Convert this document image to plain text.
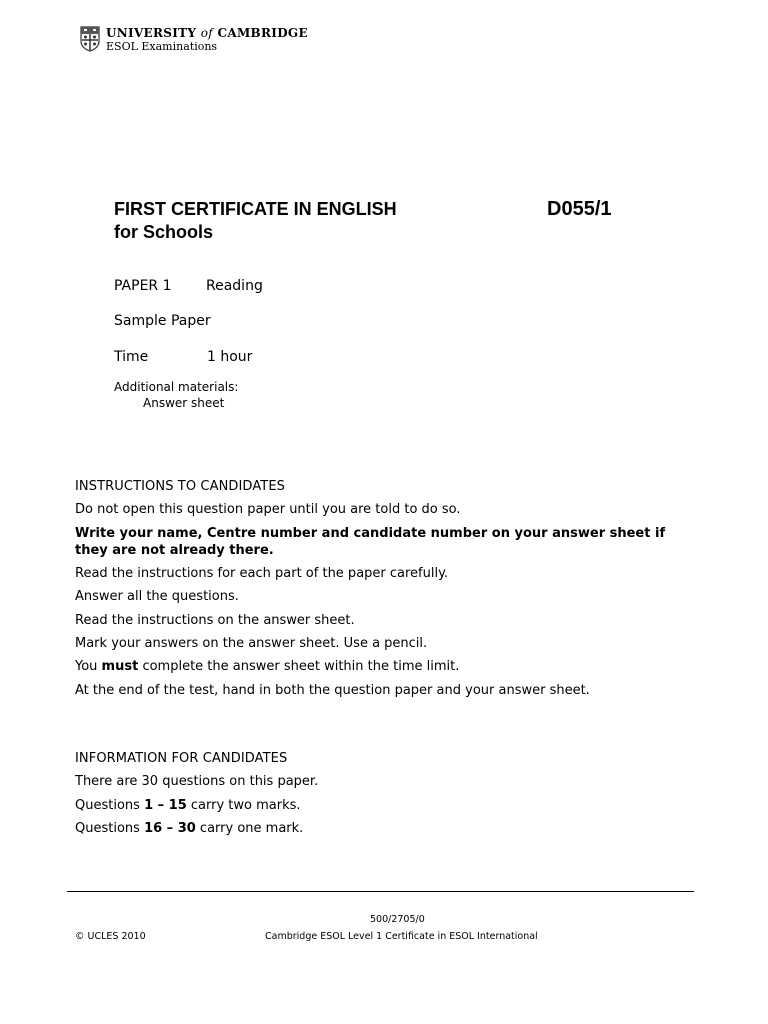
UNIVERSITY of CAMBRIDGE
ESOL Examinations
FIRST CERTIFICATE IN ENGLISH
for Schools
D055/1
PAPER 1 Reading
Sample Paper
Time	1 hour
Additional materials:
Answer sheet
INSTRUCTIONS TO CANDIDATES
Do not open this question paper until you are told to do so.
Write your name, Centre number and candidate number on your answer sheet if they are not already there.
Read the instructions for each part of the paper carefully.
Answer all the questions.
Read the instructions on the answer sheet.
Mark your answers on the answer sheet. Use a pencil.
You must complete the answer sheet within the time limit.
At the end of the test, hand in both the question paper and your answer sheet.
INFORMATION FOR CANDIDATES
There are 30 questions on this paper.
Questions 1 – 15 carry two marks.
Questions 16 – 30 carry one mark.
500/2705/0
© UCLES 2010	Cambridge ESOL Level 1 Certificate in ESOL International
